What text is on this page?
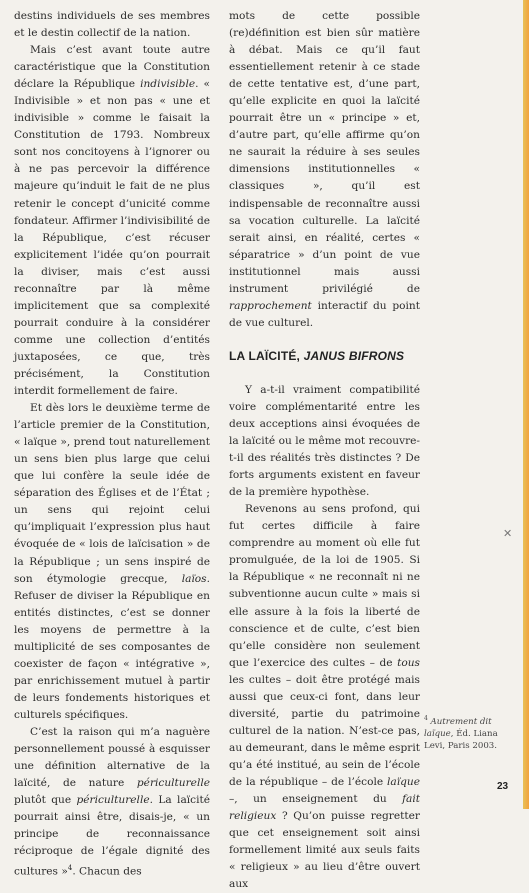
destins individuels de ses membres et le destin collectif de la nation.

Mais c’est avant toute autre caractéristique que la Constitution déclare la République indivisible. « Indivisible » et non pas « une et indivisible » comme le faisait la Constitution de 1793. Nombreux sont nos concitoyens à l’ignorer ou à ne pas percevoir la différence majeure qu’induit le fait de ne plus retenir le concept d’unicité comme fondateur. Affirmer l’indivisibilité de la République, c’est récuser explicitement l’idée qu’on pourrait la diviser, mais c’est aussi reconnaître par là même implicitement que sa complexité pourrait conduire à la considérer comme une collection d’entités juxtaposées, ce que, très précisément, la Constitution interdit formellement de faire.

Et dès lors le deuxième terme de l’article premier de la Constitution, « laïque », prend tout naturellement un sens bien plus large que celui que lui confère la seule idée de séparation des Églises et de l’État ; un sens qui rejoint celui qu’impliquait l’expression plus haut évoquée de « lois de laïcisation » de la République ; un sens inspiré de son étymologie grecque, laïos. Refuser de diviser la République en entités distinctes, c’est se donner les moyens de permettre à la multiplicité de ses composantes de coexister de façon « intégrative », par enrichissement mutuel à partir de leurs fondements historiques et culturels spécifiques.

C’est la raison qui m’a naguère personnellement poussé à esquisser une définition alternative de la laïcité, de nature périculturelle plutôt que périculturelle. La laïcité pourrait ainsi être, disais-je, « un principe de reconnaissance réciproque de l’égale dignité des cultures »$^4$. Chacun des

mots de cette possible (re)définition est bien sûr matière à débat. Mais ce qu’il faut essentiellement retenir à ce stade de cette tentative est, d’une part, qu’elle explicite en quoi la laïcité pourrait être un « principe » et, d’autre part, qu’elle affirme qu’on ne saurait la réduire à ses seules dimensions institutionnelles « classiques », qu’il est indispensable de reconnaître aussi sa vocation culturelle. La laïcité serait ainsi, en réalité, certes « séparatrice » d’un point de vue institutionnel mais aussi instrument privilégié de rapprochement interactif du point de vue culturel.

LA LAÏCITÉ, JANUS BIFRONS

Y a-t-il vraiment compatibilité voire complémentarité entre les deux acceptions ainsi évoquées de la laïcité ou le même mot recouvre-t-il des réalités très distinctes ? De forts arguments existent en faveur de la première hypothèse.

Revenons au sens profond, qui fut certes difficile à faire comprendre au moment où elle fut promulguée, de la loi de 1905. Si la République « ne reconnaît ni ne subventionne aucun culte » mais si elle assure à la fois la liberté de conscience et de culte, c’est bien qu’elle considère non seulement que l’exercice des cultes – de tous les cultes – doit être protégé mais aussi que ceux-ci font, dans leur diversité, partie du patrimoine culturel de la nation. N’est-ce pas, au demeurant, dans le même esprit qu’a été institué, au sein de l’école de la république – de l’école laïque –, un enseignement du fait religieux ? Qu’on puisse regretter que cet enseignement soit ainsi formellement limité aux seuls faits « religieux » au lieu d’être ouvert aux

$^4$ Autrement dit laïque, Éd. Liana Levi, Paris 2003.
23
✕
